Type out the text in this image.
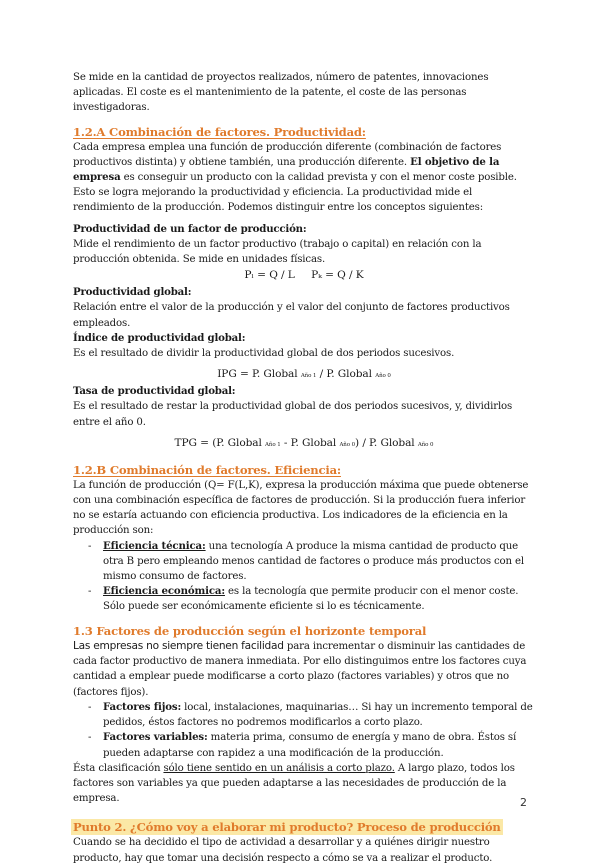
Se mide en la cantidad de proyectos realizados, número de patentes, innovaciones aplicadas. El coste es el mantenimiento de la patente, el coste de las personas investigadoras.

1.2.A Combinación de factores. Productividad:

Cada empresa emplea una función de producción diferente (combinación de factores productivos distinta) y obtiene también, una producción diferente. El objetivo de la empresa es conseguir un producto con la calidad prevista y con el menor coste posible. Esto se logra mejorando la productividad y eficiencia. La productividad mide el rendimiento de la producción. Podemos distinguir entre los conceptos siguientes:

Productividad de un factor de producción:

Mide el rendimiento de un factor productivo (trabajo o capital) en relación con la producción obtenida. Se mide en unidades físicas.

Pₗ = Q / L Pₖ = Q / K
Productividad global:

Relación entre el valor de la producción y el valor del conjunto de factores productivos empleados.

Índice de productividad global:

Es el resultado de dividir la productividad global de dos periodos sucesivos.

IPG = P. Global Año 1 / P. Global Año 0
Tasa de productividad global:

Es el resultado de restar la productividad global de dos periodos sucesivos, y, dividirlos entre el año 0.

TPG = (P. Global Año 1 - P. Global Año 0) / P. Global Año 0
1.2.B Combinación de factores. Eficiencia:

La función de producción (Q= F(L,K), expresa la producción máxima que puede obtenerse con una combinación específica de factores de producción. Si la producción fuera inferior no se estaría actuando con eficiencia productiva. Los indicadores de la eficiencia en la producción son:

- Eficiencia técnica: una tecnología A produce la misma cantidad de producto que otra B pero empleando menos cantidad de factores o produce más productos con el mismo consumo de factores.
- Eficiencia económica: es la tecnología que permite producir con el menor coste. Sólo puede ser económicamente eficiente si lo es técnicamente.
1.3 Factores de producción según el horizonte temporal

Las empresas no siempre tienen facilidad para incrementar o disminuir las cantidades de cada factor productivo de manera inmediata. Por ello distinguimos entre los factores cuya cantidad a emplear puede modificarse a corto plazo (factores variables) y otros que no (factores fijos).

- Factores fijos: local, instalaciones, maquinarias… Si hay un incremento temporal de pedidos, éstos factores no podremos modificarlos a corto plazo.
- Factores variables: materia prima, consumo de energía y mano de obra. Éstos sí pueden adaptarse con rapidez a una modificación de la producción.

Ésta clasificación sólo tiene sentido en un análisis a corto plazo. A largo plazo, todos los factores son variables ya que pueden adaptarse a las necesidades de producción de la empresa.

Punto 2. ¿Cómo voy a elaborar mi producto? Proceso de producción

Cuando se ha decidido el tipo de actividad a desarrollar y a quiénes dirigir nuestro producto, hay que tomar una decisión respecto a cómo se va a realizar el producto.

2
